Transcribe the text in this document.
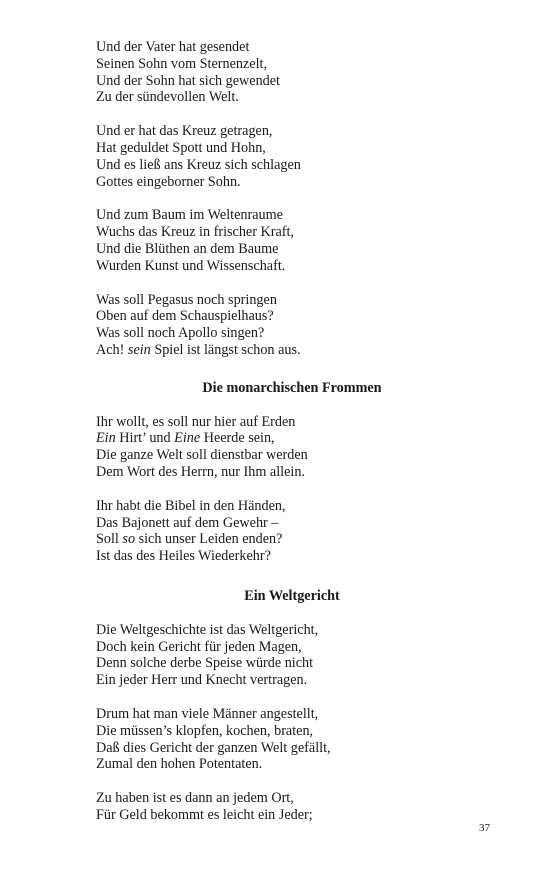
Und der Vater hat gesendet
Seinen Sohn vom Sternenzelt,
Und der Sohn hat sich gewendet
Zu der sündevollen Welt.
Und er hat das Kreuz getragen,
Hat geduldet Spott und Hohn,
Und es ließ ans Kreuz sich schlagen
Gottes eingeborner Sohn.
Und zum Baum im Weltenraume
Wuchs das Kreuz in frischer Kraft,
Und die Blüthen an dem Baume
Wurden Kunst und Wissenschaft.
Was soll Pegasus noch springen
Oben auf dem Schauspielhaus?
Was soll noch Apollo singen?
Ach! sein Spiel ist längst schon aus.
Die monarchischen Frommen
Ihr wollt, es soll nur hier auf Erden
Ein Hirt’ und Eine Heerde sein,
Die ganze Welt soll dienstbar werden
Dem Wort des Herrn, nur Ihm allein.
Ihr habt die Bibel in den Händen,
Das Bajonett auf dem Gewehr –
Soll so sich unser Leiden enden?
Ist das des Heiles Wiederkehr?
Ein Weltgericht
Die Weltgeschichte ist das Weltgericht,
Doch kein Gericht für jeden Magen,
Denn solche derbe Speise würde nicht
Ein jeder Herr und Knecht vertragen.
Drum hat man viele Männer angestellt,
Die müssen’s klopfen, kochen, braten,
Daß dies Gericht der ganzen Welt gefällt,
Zumal den hohen Potentaten.
Zu haben ist es dann an jedem Ort,
Für Geld bekommt es leicht ein Jeder;
37
